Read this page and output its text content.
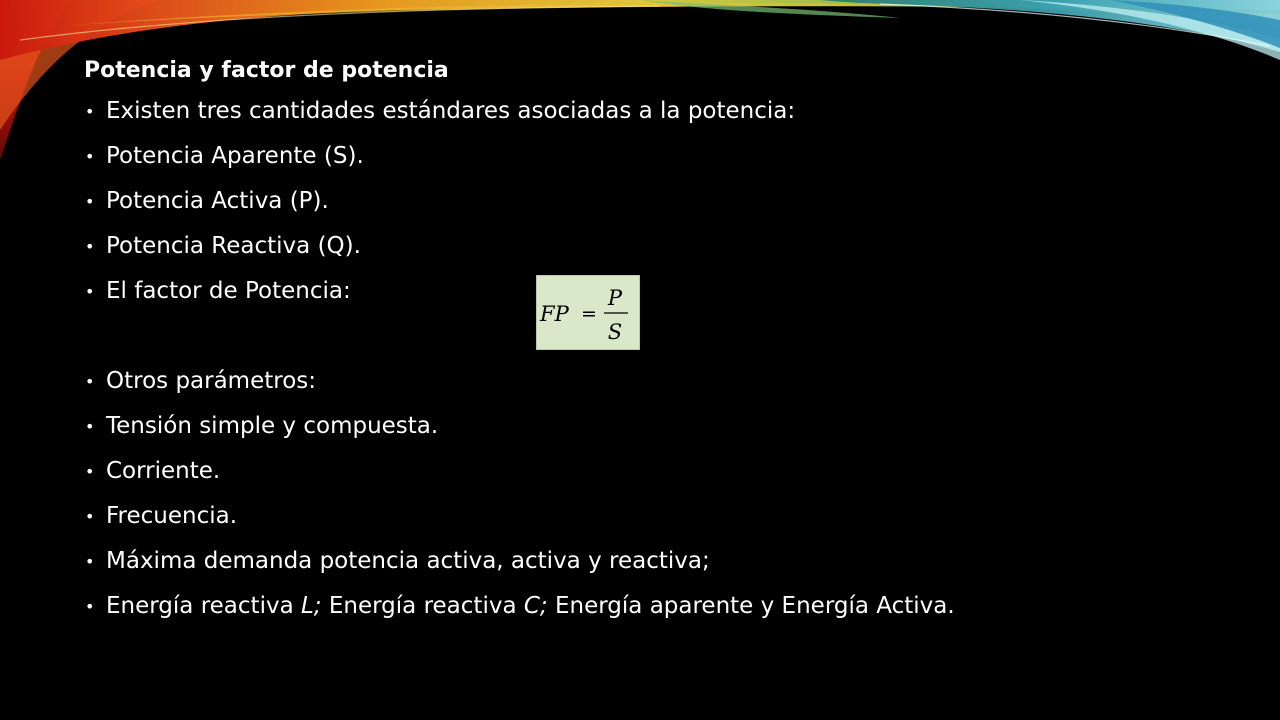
Potencia y factor de potencia
• Existen tres cantidades estándares asociadas a la potencia:
• Potencia Aparente (S).
• Potencia Activa (P).
• Potencia Reactiva (Q).
• El factor de Potencia:
• Otros parámetros:
• Tensión simple y compuesta.
• Corriente.
• Frecuencia.
• Máxima demanda potencia activa, activa y reactiva;
• Energía reactiva L; Energía reactiva C; Energía aparente y Energía Activa.
FP =
P
S
